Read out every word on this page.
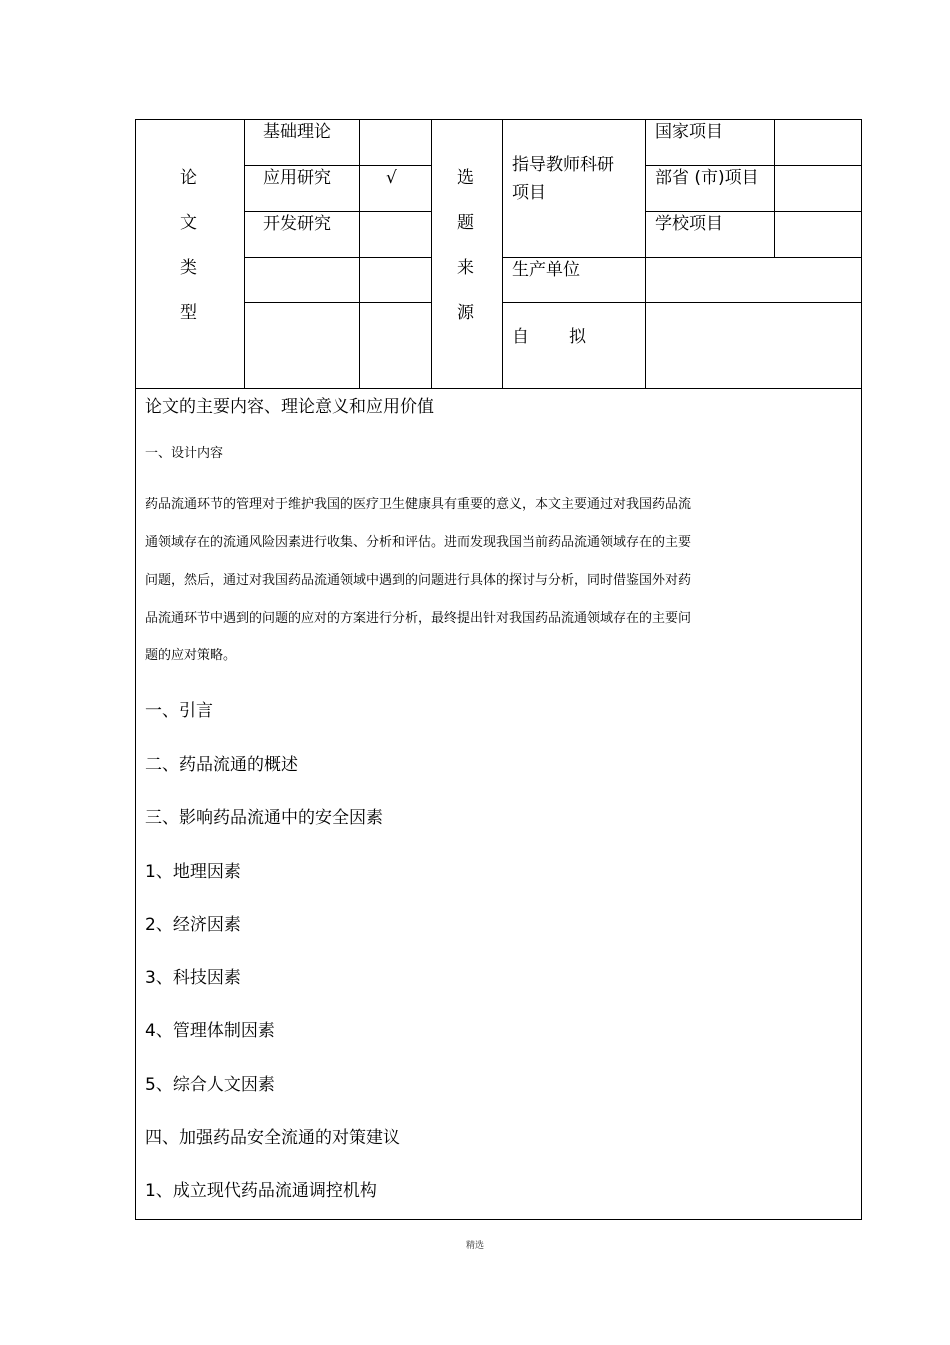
论
文
类
型
基础理论
应用研究
开发研究
√	选
题
来
源
指导教师科研
项目
国家项目
部省 (市)项目
学校项目
生产单位
自 拟
论文的主要内容、理论意义和应用价值
一、设计内容
药品流通环节的管理对于维护我国的医疗卫生健康具有重要的意义，本文主要通过对我国药品流
通领域存在的流通风险因素进行收集、分析和评估。进而发现我国当前药品流通领域存在的主要
问题，然后，通过对我国药品流通领域中遇到的问题进行具体的探讨与分析，同时借鉴国外对药
品流通环节中遇到的问题的应对的方案进行分析，最终提出针对我国药品流通领域存在的主要问
题的应对策略。
一、引言
二、药品流通的概述
三、影响药品流通中的安全因素
1、地理因素
2、经济因素
3、科技因素
4、管理体制因素
5、综合人文因素
四、加强药品安全流通的对策建议
1、成立现代药品流通调控机构
精选
